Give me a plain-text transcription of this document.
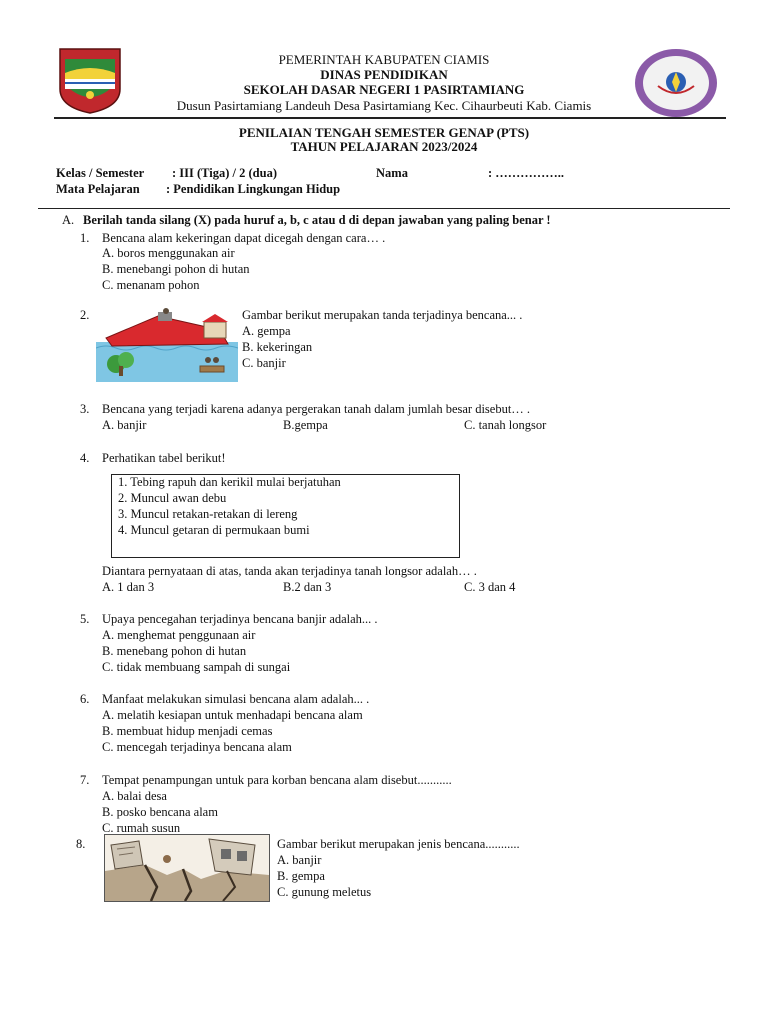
PEMERINTAH KABUPATEN CIAMIS
DINAS PENDIDIKAN
SEKOLAH DASAR NEGERI 1 PASIRTAMIANG
Dusun Pasirtamiang Landeuh Desa Pasirtamiang Kec. Cihaurbeuti Kab. Ciamis
PENILAIAN TENGAH SEMESTER GENAP (PTS)
TAHUN PELAJARAN 2023/2024
Kelas / Semester : III (Tiga) / 2 (dua)	Nama	: ……………..
Mata Pelajaran : Pendidikan Lingkungan Hidup
A. Berilah tanda silang (X) pada huruf a, b, c atau d di depan jawaban yang paling benar !
1. Bencana alam kekeringan dapat dicegah dengan cara… .
A. boros menggunakan air
B. menebangi pohon di hutan
C. menanam pohon
2.	Gambar berikut merupakan tanda terjadinya bencana... .
A. gempa
B. kekeringan
C. banjir
3. Bencana yang terjadi karena adanya pergerakan tanah dalam jumlah besar disebut… .
A. banjir	B.gempa	C. tanah longsor
4. Perhatikan tabel berikut!
1. Tebing rapuh dan kerikil mulai berjatuhan
2. Muncul awan debu
3. Muncul retakan-retakan di lereng
4. Muncul getaran di permukaan bumi
Diantara pernyataan di atas, tanda akan terjadinya tanah longsor adalah… .
A. 1 dan 3	B.2 dan 3	C. 3 dan 4
5. Upaya pencegahan terjadinya bencana banjir adalah... .
A. menghemat penggunaan air
B. menebang pohon di hutan
C. tidak membuang sampah di sungai
6. Manfaat melakukan simulasi bencana alam adalah... .
A. melatih kesiapan untuk menhadapi bencana alam
B. membuat hidup menjadi cemas
C. mencegah terjadinya bencana alam
7. Tempat penampungan untuk para korban bencana alam disebut...........
A. balai desa
B. posko bencana alam
C. rumah susun
8.	Gambar berikut merupakan jenis bencana...........
A. banjir
B. gempa
C. gunung meletus
